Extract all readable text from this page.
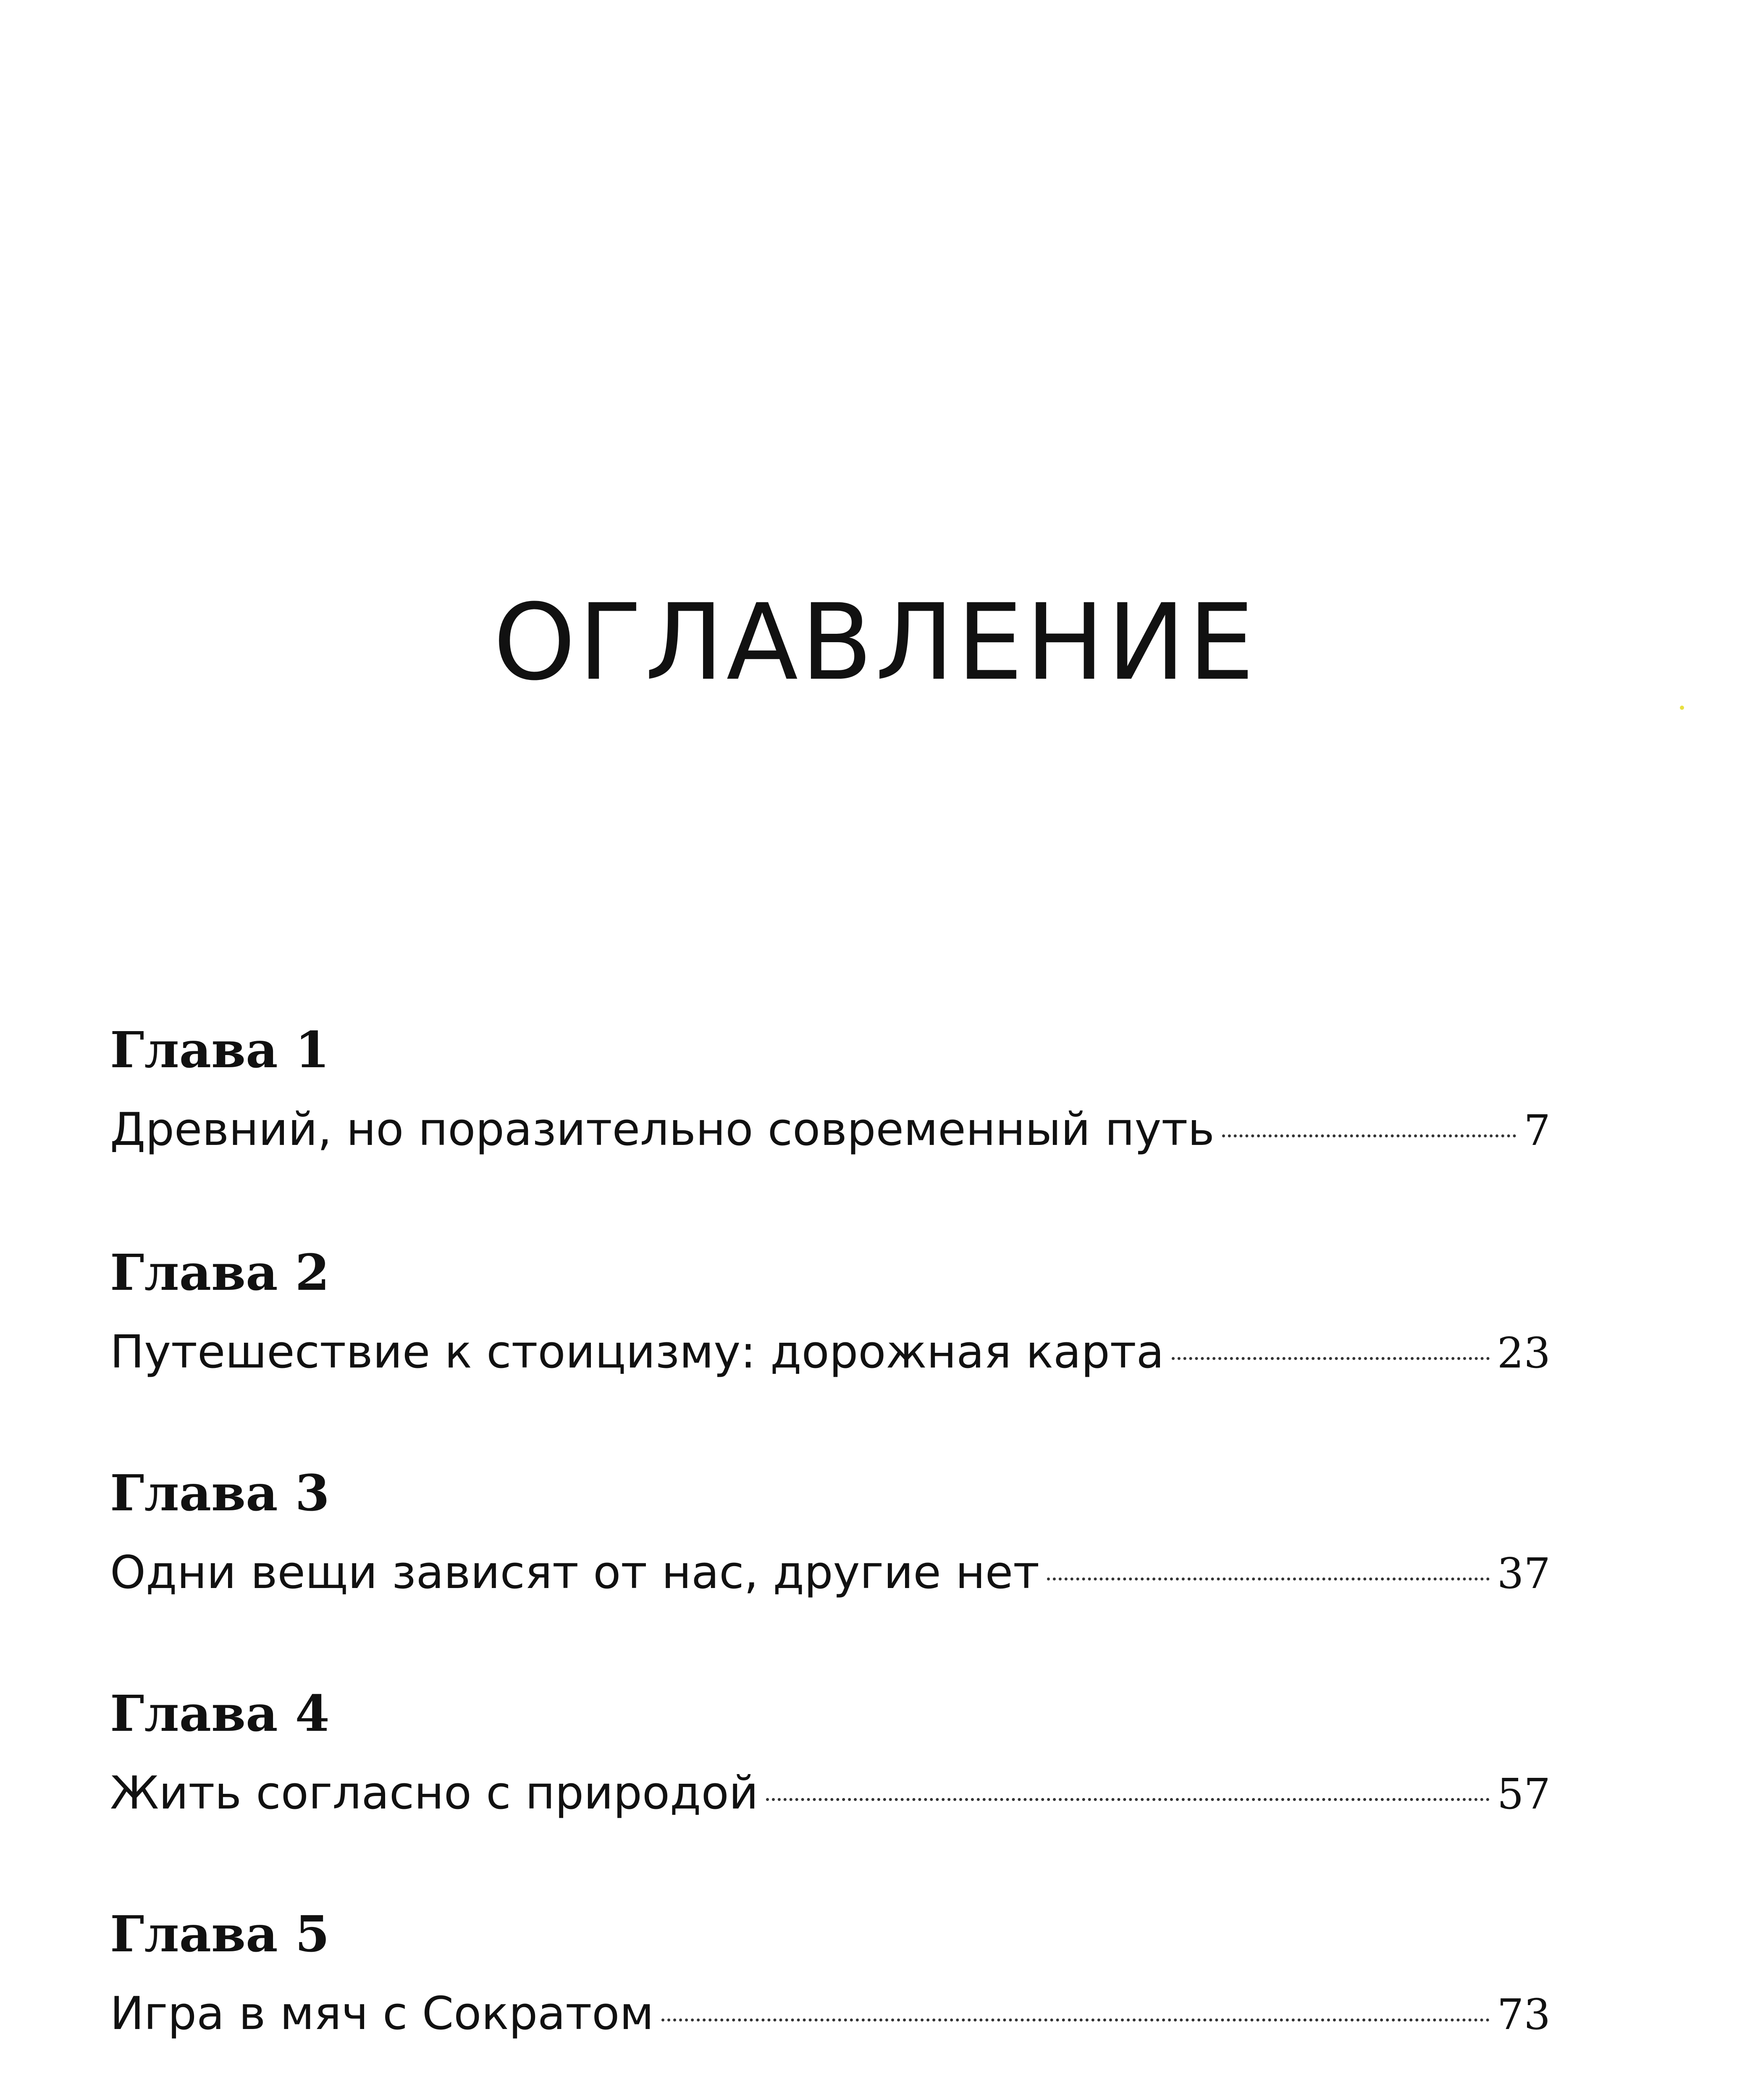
ОГЛАВЛЕНИЕ
Глава 1
Древний, но поразительно современный путь	7
Глава 2
Путешествие к стоицизму: дорожная карта	23
Глава 3
Одни вещи зависят от нас, другие нет	37
Глава 4
Жить согласно с природой	57
Глава 5
Игра в мяч с Сократом	73
